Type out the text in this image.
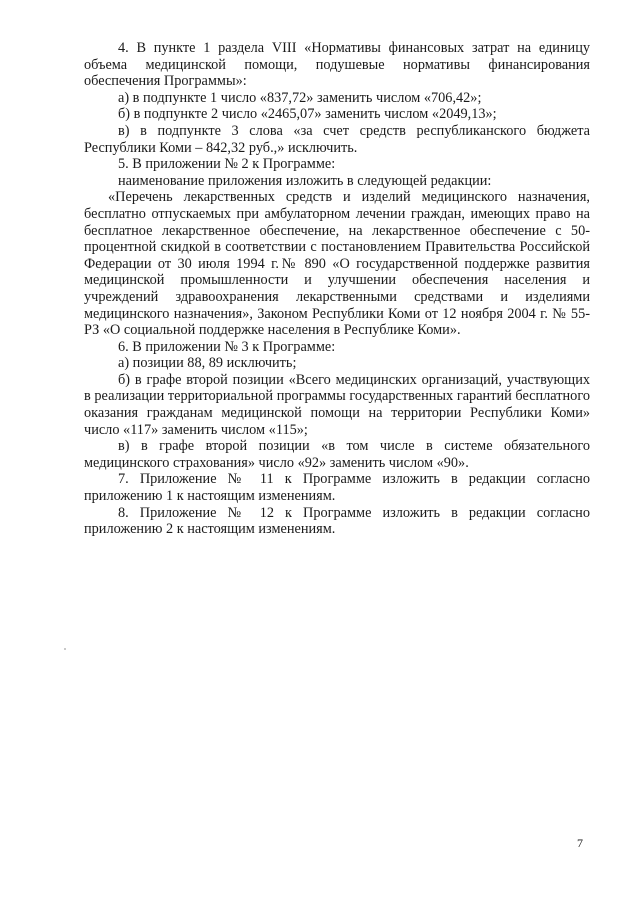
4. В пункте 1 раздела VIII «Нормативы финансовых затрат на единицу объема медицинской помощи, подушевые нормативы финансирования обеспечения Программы»:

а) в подпункте 1 число «837,72» заменить числом «706,42»;

б) в подпункте 2 число «2465,07» заменить числом «2049,13»;

в) в подпункте 3 слова «за счет средств республиканского бюджета Республики Коми – 842,32 руб.,» исключить.

5. В приложении № 2 к Программе:

наименование приложения изложить в следующей редакции:

«Перечень лекарственных средств и изделий медицинского назначения, бесплатно отпускаемых при амбулаторном лечении граждан, имеющих право на бесплатное лекарственное обеспечение, на лекарственное обеспечение с 50-процентной скидкой в соответствии с постановлением Правительства Российской Федерации от 30 июля 1994 г.№ 890 «О государственной поддержке развития медицинской промышленности и улучшении обеспечения населения и учреждений здравоохранения лекарственными средствами и изделиями медицинского назначения», Законом Республики Коми от 12 ноября 2004 г. № 55-РЗ «О социальной поддержке населения в Республике Коми».

6. В приложении № 3 к Программе:

а) позиции 88, 89 исключить;

б) в графе второй позиции «Всего медицинских организаций, участвующих в реализации территориальной программы государственных гарантий бесплатного оказания гражданам медицинской помощи на территории Республики Коми» число «117» заменить числом «115»;

в) в графе второй позиции «в том числе в системе обязательного медицинского страхования» число «92» заменить числом «90».

7. Приложение № 11 к Программе изложить в редакции согласно приложению 1 к настоящим изменениям.

8. Приложение № 12 к Программе изложить в редакции согласно приложению 2 к настоящим изменениям.

7
